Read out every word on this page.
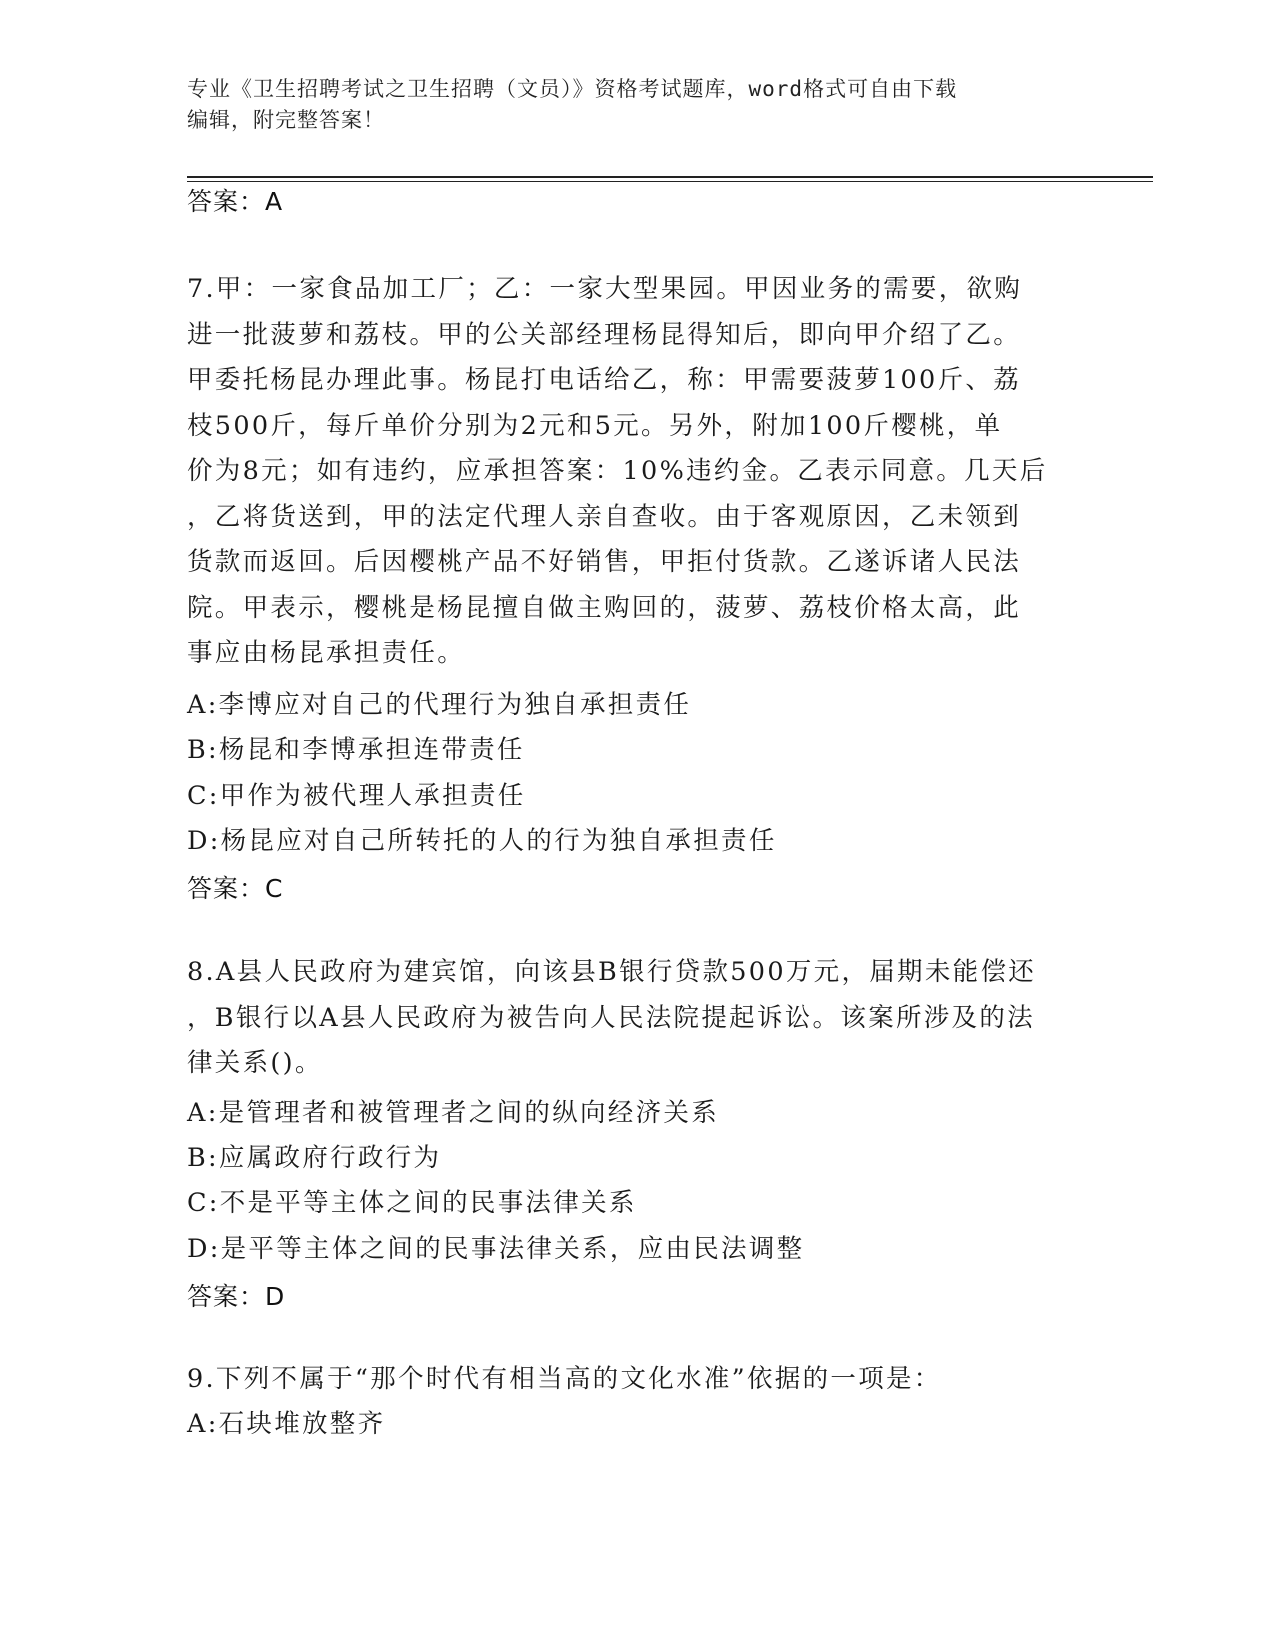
专业《卫生招聘考试之卫生招聘（文员）》资格考试题库，word格式可自由下载
编辑，附完整答案！
答案：A
7.甲：一家食品加工厂；乙：一家大型果园。甲因业务的需要，欲购
进一批菠萝和荔枝。甲的公关部经理杨昆得知后，即向甲介绍了乙。
甲委托杨昆办理此事。杨昆打电话给乙，称：甲需要菠萝100斤、荔
枝500斤，每斤单价分别为2元和5元。另外，附加100斤樱桃，单
价为8元；如有违约，应承担答案：10%违约金。乙表示同意。几天后
，乙将货送到，甲的法定代理人亲自查收。由于客观原因，乙未领到
货款而返回。后因樱桃产品不好销售，甲拒付货款。乙遂诉诸人民法
院。甲表示，樱桃是杨昆擅自做主购回的，菠萝、荔枝价格太高，此
事应由杨昆承担责任。
A:李博应对自己的代理行为独自承担责任
B:杨昆和李博承担连带责任
C:甲作为被代理人承担责任
D:杨昆应对自己所转托的人的行为独自承担责任
答案：C
8.A县人民政府为建宾馆，向该县B银行贷款500万元，届期未能偿还
，B银行以A县人民政府为被告向人民法院提起诉讼。该案所涉及的法
律关系()。
A:是管理者和被管理者之间的纵向经济关系
B:应属政府行政行为
C:不是平等主体之间的民事法律关系
D:是平等主体之间的民事法律关系，应由民法调整
答案：D
9.下列不属于“那个时代有相当高的文化水准”依据的一项是：
A:石块堆放整齐
